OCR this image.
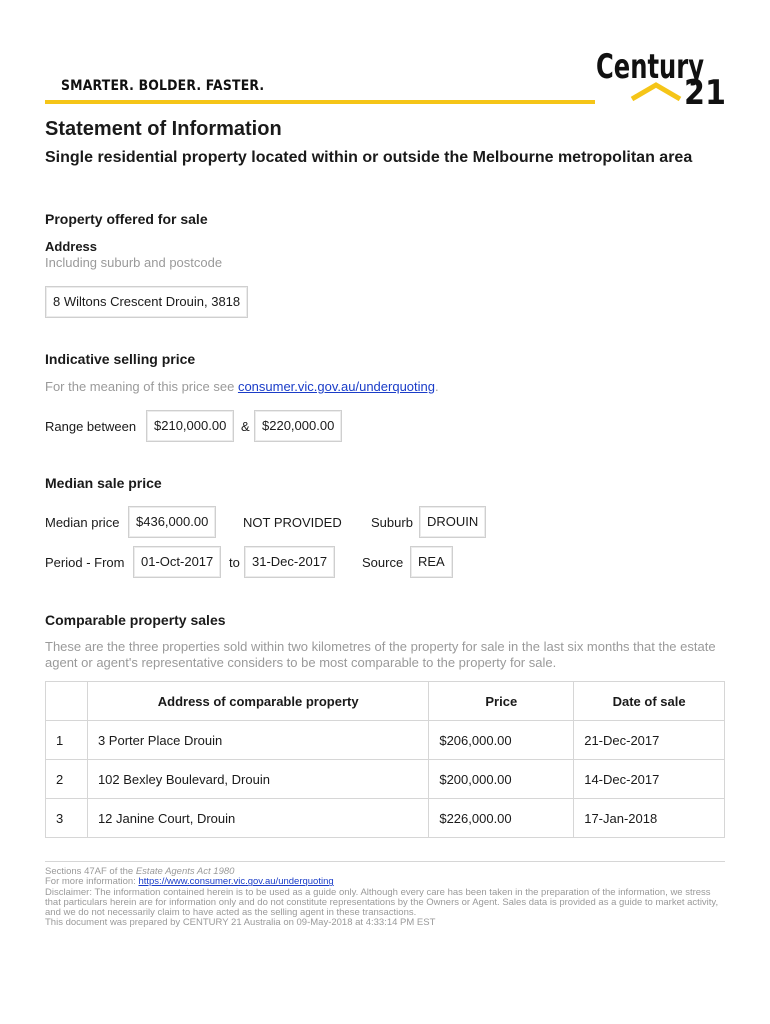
SMARTER. BOLDER. FASTER.	Century
21
Statement of Information
Single residential property located within or outside the Melbourne metropolitan area
Property offered for sale
Address
Including suburb and postcode
8 Wiltons Crescent Drouin, 3818
Indicative selling price
For the meaning of this price see consumer.vic.gov.au/underquoting.
Range between	$210,000.00	& $220,000.00
Median sale price
Median price	$436,000.00	NOT PROVIDED Suburb	DROUIN
Period - From	01-Oct-2017	to 31-Dec-2017	Source	REA
Comparable property sales
These are the three properties sold within two kilometres of the property for sale in the last six months that the estate agent or agent's representative considers to be most comparable to the property for sale.
	Address of comparable property	Price	Date of sale
1	3 Porter Place Drouin	$206,000.00	21-Dec-2017
2	102 Bexley Boulevard, Drouin	$200,000.00	14-Dec-2017
3	12 Janine Court, Drouin	$226,000.00	17-Jan-2018
Sections 47AF of the Estate Agents Act 1980
For more information: https://www.consumer.vic.gov.au/underquoting
Disclaimer: The information contained herein is to be used as a guide only. Although every care has been taken in the preparation of the information, we stress that particulars herein are for information only and do not constitute representations by the Owners or Agent. Sales data is provided as a guide to market activity, and we do not necessarily claim to have acted as the selling agent in these transactions.
This document was prepared by CENTURY 21 Australia on 09-May-2018 at 4:33:14 PM EST
